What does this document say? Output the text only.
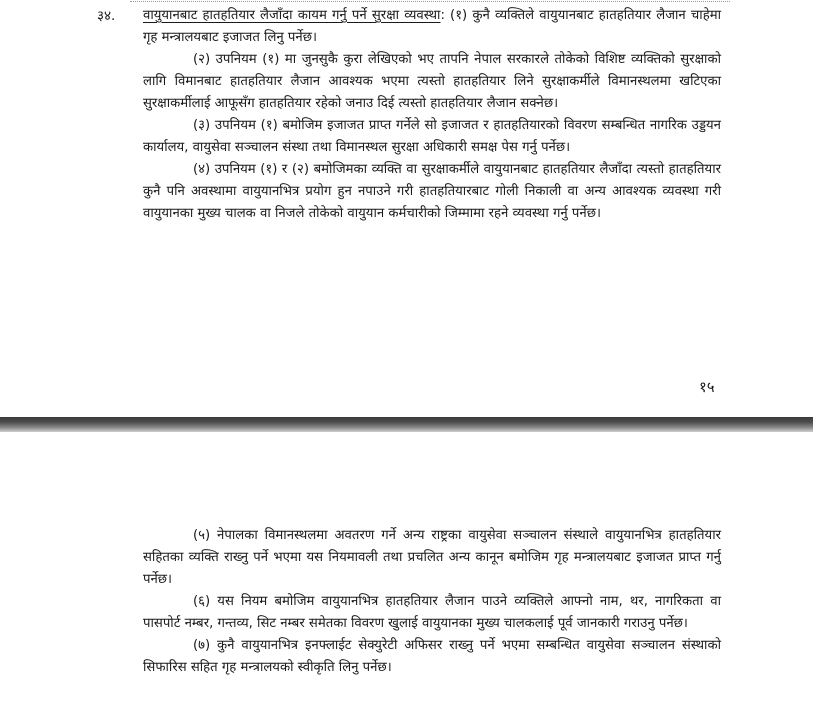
३४. वायुयानबाट हातहतियार लैजाँदा कायम गर्नु पर्ने सुरक्षा व्यवस्था: (१) कुनै व्यक्तिले वायुयानबाट हातहतियार लैजान चाहेमा गृह मन्त्रालयबाट इजाजत लिनु पर्नेछ।

(२) उपनियम (१) मा जुनसुकै कुरा लेखिएको भए तापनि नेपाल सरकारले तोकेको विशिष्ट व्यक्तिको सुरक्षाको लागि विमानबाट हातहतियार लैजान आवश्यक भएमा त्यस्तो हातहतियार लिने सुरक्षाकर्मीले विमानस्थलमा खटिएका सुरक्षाकर्मीलाई आफूसँग हातहतियार रहेको जनाउ दिई त्यस्तो हातहतियार लैजान सक्नेछ।

(३) उपनियम (१) बमोजिम इजाजत प्राप्त गर्नेले सो इजाजत र हातहतियारको विवरण सम्बन्धित नागरिक उड्डयन कार्यालय, वायुसेवा सञ्चालन संस्था तथा विमानस्थल सुरक्षा अधिकारी समक्ष पेस गर्नु पर्नेछ।

(४) उपनियम (१) र (२) बमोजिमका व्यक्ति वा सुरक्षाकर्मीले वायुयानबाट हातहतियार लैजाँदा त्यस्तो हातहतियार कुनै पनि अवस्थामा वायुयानभित्र प्रयोग हुन नपाउने गरी हातहतियारबाट गोली निकाली वा अन्य आवश्यक व्यवस्था गरी वायुयानका मुख्य चालक वा निजले तोकेको वायुयान कर्मचारीको जिम्मामा रहने व्यवस्था गर्नु पर्नेछ।

१५

(५) नेपालका विमानस्थलमा अवतरण गर्ने अन्य राष्ट्रका वायुसेवा सञ्चालन संस्थाले वायुयानभित्र हातहतियार सहितका व्यक्ति राख्नु पर्ने भएमा यस नियमावली तथा प्रचलित अन्य कानून बमोजिम गृह मन्त्रालयबाट इजाजत प्राप्त गर्नु पर्नेछ।

(६) यस नियम बमोजिम वायुयानभित्र हातहतियार लैजान पाउने व्यक्तिले आफ्नो नाम, थर, नागरिकता वा पासपोर्ट नम्बर, गन्तव्य, सिट नम्बर समेतका विवरण खुलाई वायुयानका मुख्य चालकलाई पूर्व जानकारी गराउनु पर्नेछ।

(७) कुनै वायुयानभित्र इनफ्लाईट सेक्युरेटी अफिसर राख्नु पर्ने भएमा सम्बन्धित वायुसेवा सञ्चालन संस्थाको सिफारिस सहित गृह मन्त्रालयको स्वीकृति लिनु पर्नेछ।
